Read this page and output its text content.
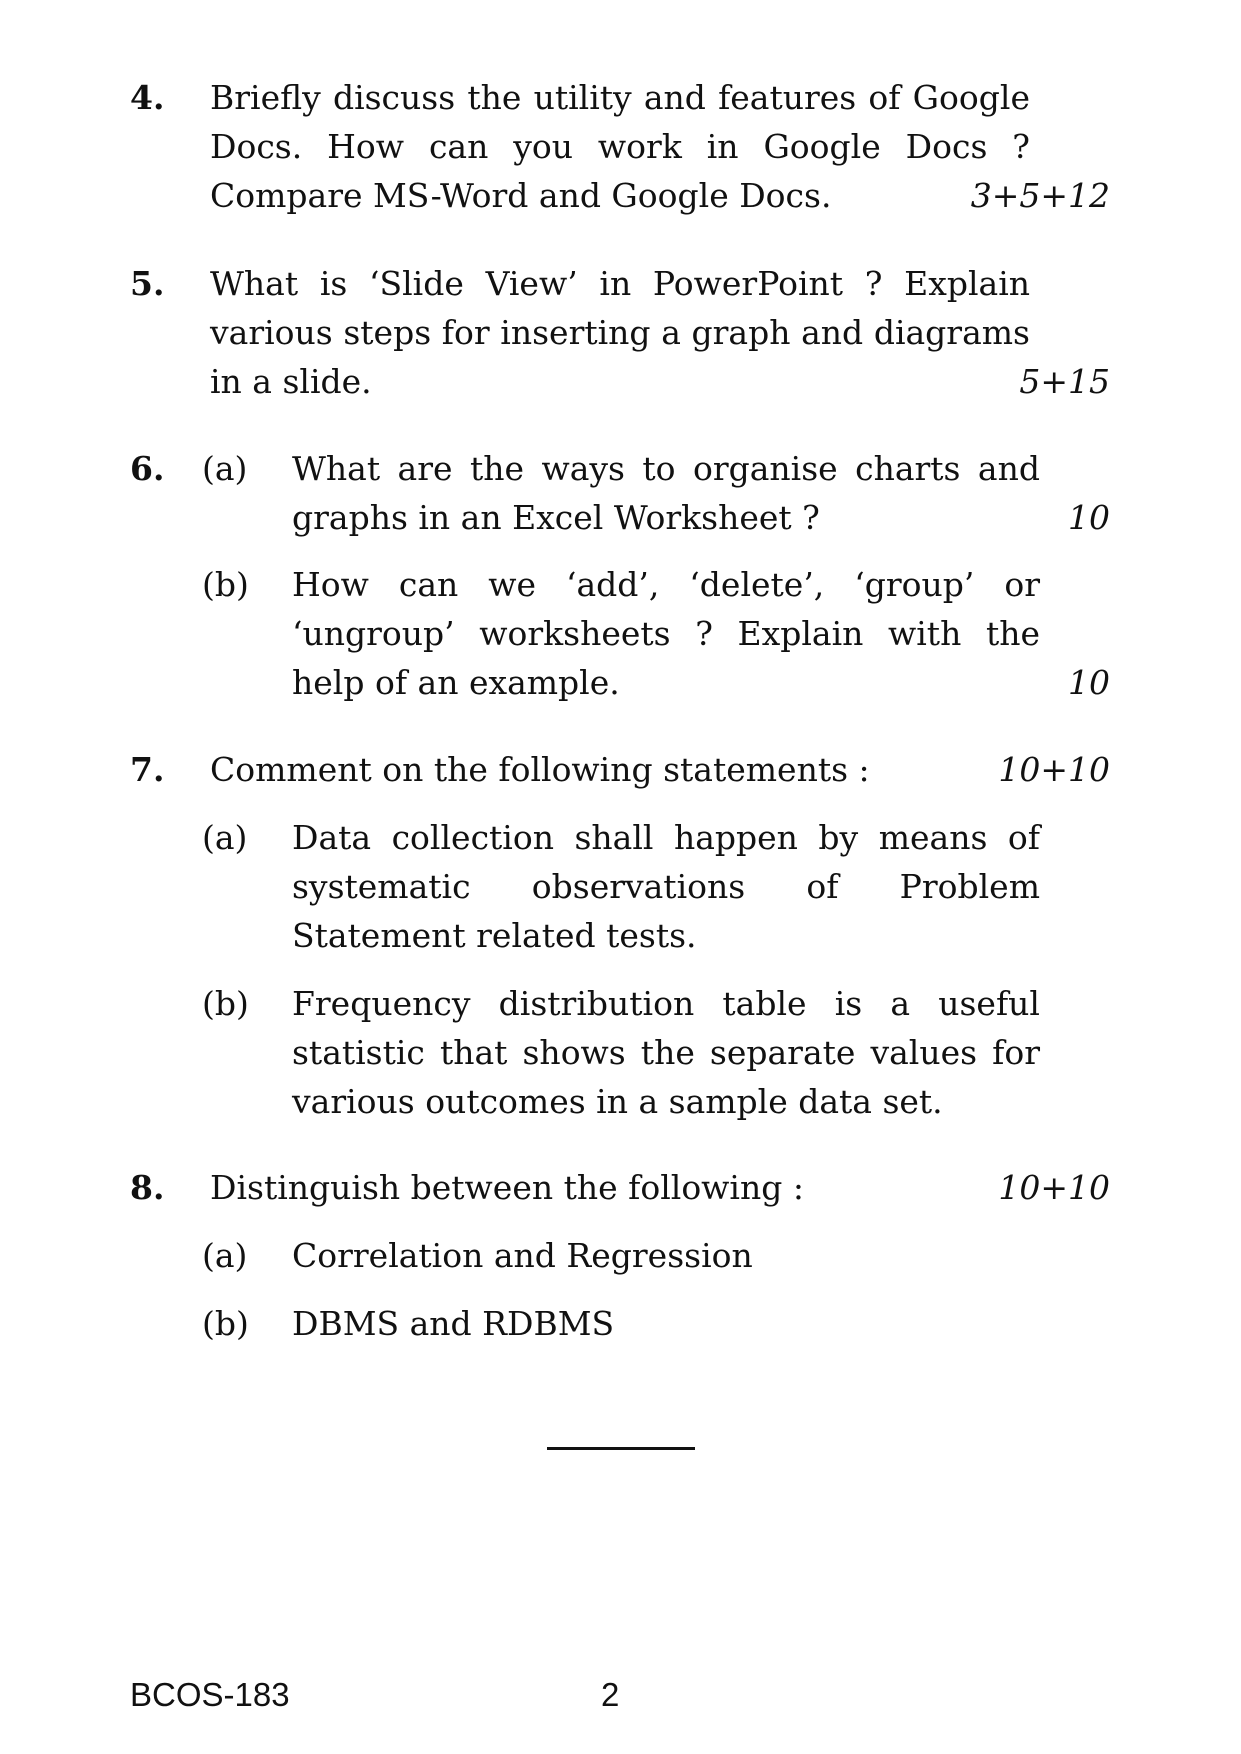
4. Briefly discuss the utility and features of Google Docs. How can you work in Google Docs ? Compare MS-Word and Google Docs.	3+5+12
5. What is ‘Slide View’ in PowerPoint ? Explain various steps for inserting a graph and diagrams in a slide.	5+15
6. (a) What are the ways to organise charts and graphs in an Excel Worksheet ?	10
(b) How can we ‘add’, ‘delete’, ‘group’ or ‘ungroup’ worksheets ? Explain with the help of an example.	10
7. Comment on the following statements :	10+10
(a) Data collection shall happen by means of systematic observations of Problem Statement related tests.
(b) Frequency distribution table is a useful statistic that shows the separate values for various outcomes in a sample data set.
8. Distinguish between the following :	10+10
(a) Correlation and Regression
(b) DBMS and RDBMS
BCOS-183	2
